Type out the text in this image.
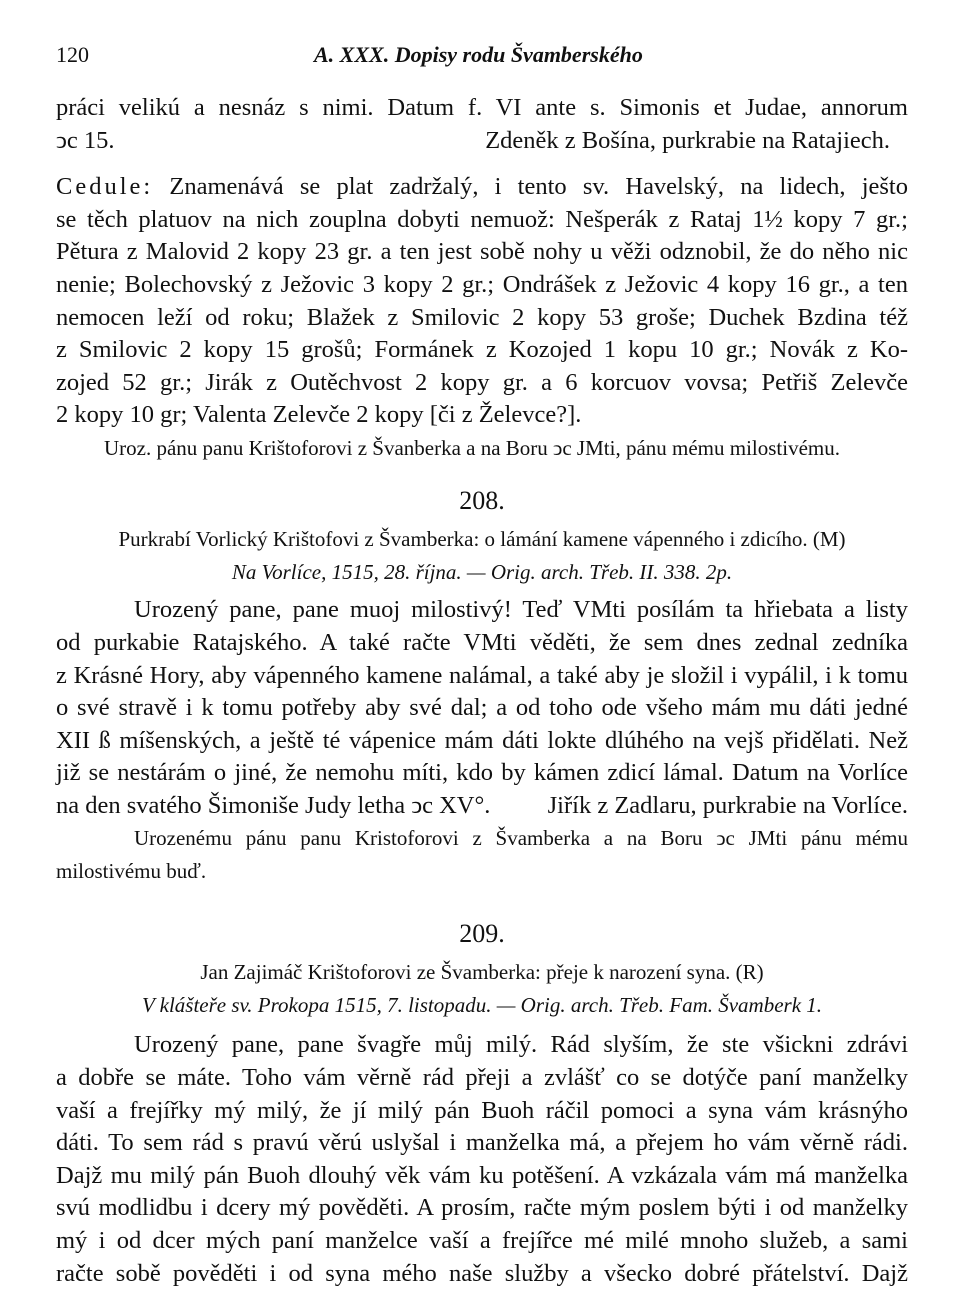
120	A. XXX. Dopisy rodu Švamberského
práci velikú a nesnáz s nimi. Datum f. VI ante s. Simonis et Judae, annorum
ↄc 15.	Zdeněk z Bošína, purkrabie na Ratajiech.
Cedule: Znamenává se plat zadržalý, i tento sv. Havelský, na lidech, ješto
se těch platuov na nich zouplna dobyti nemuož: Nešperák z Rataj 1½ kopy 7 gr.;
Pětura z Malovid 2 kopy 23 gr. a ten jest sobě nohy u věži odznobil, že do něho nic
nenie; Bolechovský z Ježovic 3 kopy 2 gr.; Ondrášek z Ježovic 4 kopy 16 gr., a ten
nemocen leží od roku; Blažek z Smilovic 2 kopy 53 groše; Duchek Bzdina též
z Smilovic 2 kopy 15 grošů; Formánek z Kozojed 1 kopu 10 gr.; Novák z Ko-
zojed 52 gr.; Jirák z Outěchvost 2 kopy gr. a 6 korcuov vovsa; Petřiš Zelevče
2 kopy 10 gr; Valenta Zelevče 2 kopy [či z Želevce?].
Uroz. pánu panu Krištoforovi z Švanberka a na Boru ↄc JMti, pánu mému milostivému.
208.
Purkrabí Vorlický Krištofovi z Švamberka: o lámání kamene vápenného i zdicího. (M)
Na Vorlíce, 1515, 28. října. — Orig. arch. Třeb. II. 338. 2p.
Urozený pane, pane muoj milostivý! Teď VMti posílám ta hřiebata a listy
od purkabie Ratajského. A také račte VMti věděti, že sem dnes zednal zedníka
z Krásné Hory, aby vápenného kamene nalámal, a také aby je složil i vypálil, i k tomu
o své stravě i k tomu potřeby aby své dal; a od toho ode všeho mám mu dáti jedné
XII ß míšenských, a ještě té vápenice mám dáti lokte dlúhého na vejš přidělati. Než
již se nestárám o jiné, že nemohu míti, kdo by kámen zdicí lámal. Datum na Vorlíce
na den svatého Šimoniše Judy letha ↄc XV°. Jiřík z Zadlaru, purkrabie na Vorlíce.
Urozenému pánu panu Kristoforovi z Švamberka a na Boru ↄc JMti pánu mému
milostivému buď.
209.
Jan Zajimáč Krištoforovi ze Švamberka: přeje k narození syna. (R)
V klášteře sv. Prokopa 1515, 7. listopadu. — Orig. arch. Třeb. Fam. Švamberk 1.
Urozený pane, pane švagře můj milý. Rád slyším, že ste všickni zdrávi
a dobře se máte. Toho vám věrně rád přeji a zvlášť co se dotýče paní manželky
vaší a frejířky mý milý, že jí milý pán Buoh ráčil pomoci a syna vám krásnýho
dáti. To sem rád s pravú věrú uslyšal i manželka má, a přejem ho vám věrně rádi.
Dajž mu milý pán Buoh dlouhý věk vám ku potěšení. A vzkázala vám má manželka
svú modlidbu i dcery mý pověděti. A prosím, račte mým poslem býti i od manželky
mý i od dcer mých paní manželce vaší a frejířce mé milé mnoho služeb, a sami
račte sobě pověděti i od syna mého naše služby a všecko dobré přátelství. Dajž
